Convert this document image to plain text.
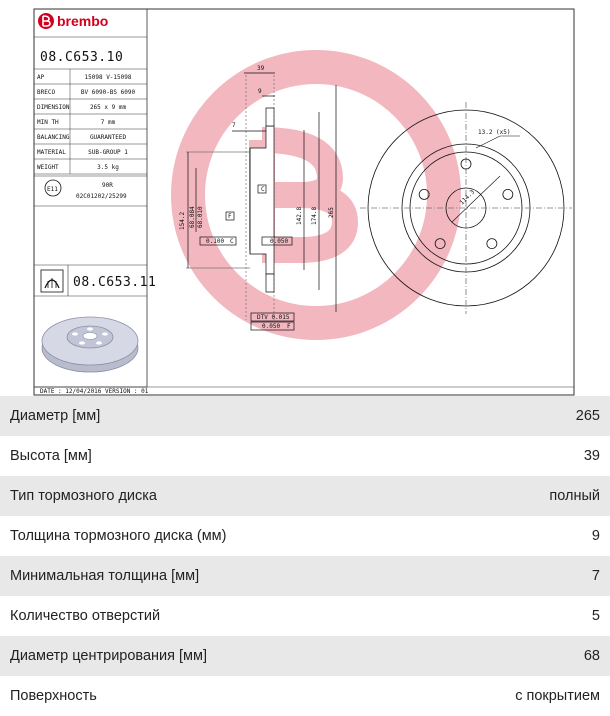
DATE : 12/04/2016 VERSION : 01
brembo
08.C653.10
AP	15098 V-15098
BRECO	BV 6090-BS 6090
DIMENSION	265 x 9 mm
MIN TH	7 mm
BALANCING	GUARANTEED
MATERIAL	SUB-GROUP 1
WEIGHT	3.5 kg
E11
90R
02C01202/25299
08.C653.11
39
9
7
C
F
0.100 C	0.050
DTV 0.015
0.050 F
154.2 68.084 68.010	142.8 174.8 265
13.2 (x5)
114.3
Диаметр [мм]	265
Высота [мм]	39
Тип тормозного диска	полный
Толщина тормозного диска (мм)	9
Минимальная толщина [мм]	7
Количество отверстий	5
Диаметр центрирования [мм]	68
Поверхность	с покрытием
